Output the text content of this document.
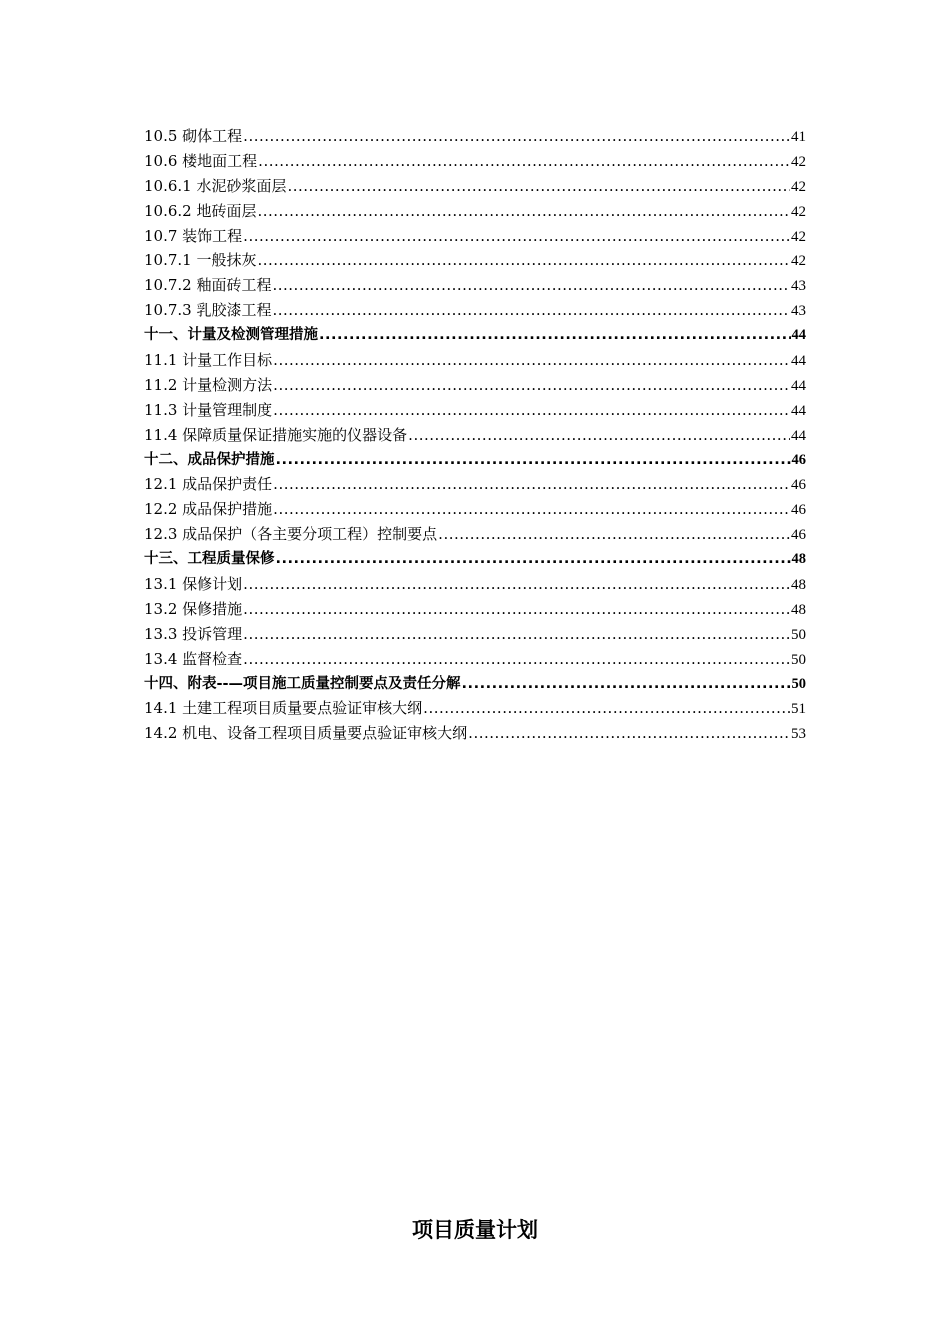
10.5 砌体工程 .....	41
10.6 楼地面工程 .....	42
10.6.1 水泥砂浆面层 .....	42
10.6.2 地砖面层 .....	42
10.7 装饰工程 .....	42
10.7.1 一般抹灰 .....	42
10.7.2 釉面砖工程 .....	43
10.7.3 乳胶漆工程 .....	43
十一、计量及检测管理措施 .....	44
11.1 计量工作目标 .....	44
11.2 计量检测方法 .....	44
11.3 计量管理制度 .....	44
11.4 保障质量保证措施实施的仪器设备 .....	44
十二、成品保护措施 .....	46
12.1 成品保护责任 .....	46
12.2 成品保护措施 .....	46
12.3 成品保护（各主要分项工程）控制要点 .....	46
十三、工程质量保修 .....	48
13.1 保修计划 .....	48
13.2 保修措施 .....	48
13.3 投诉管理 .....	50
13.4 监督检查 .....	50
十四、附表--—项目施工质量控制要点及责任分解 .....	50
14.1 土建工程项目质量要点验证审核大纲 .....	51
14.2 机电、设备工程项目质量要点验证审核大纲 .....	53
项目质量计划
